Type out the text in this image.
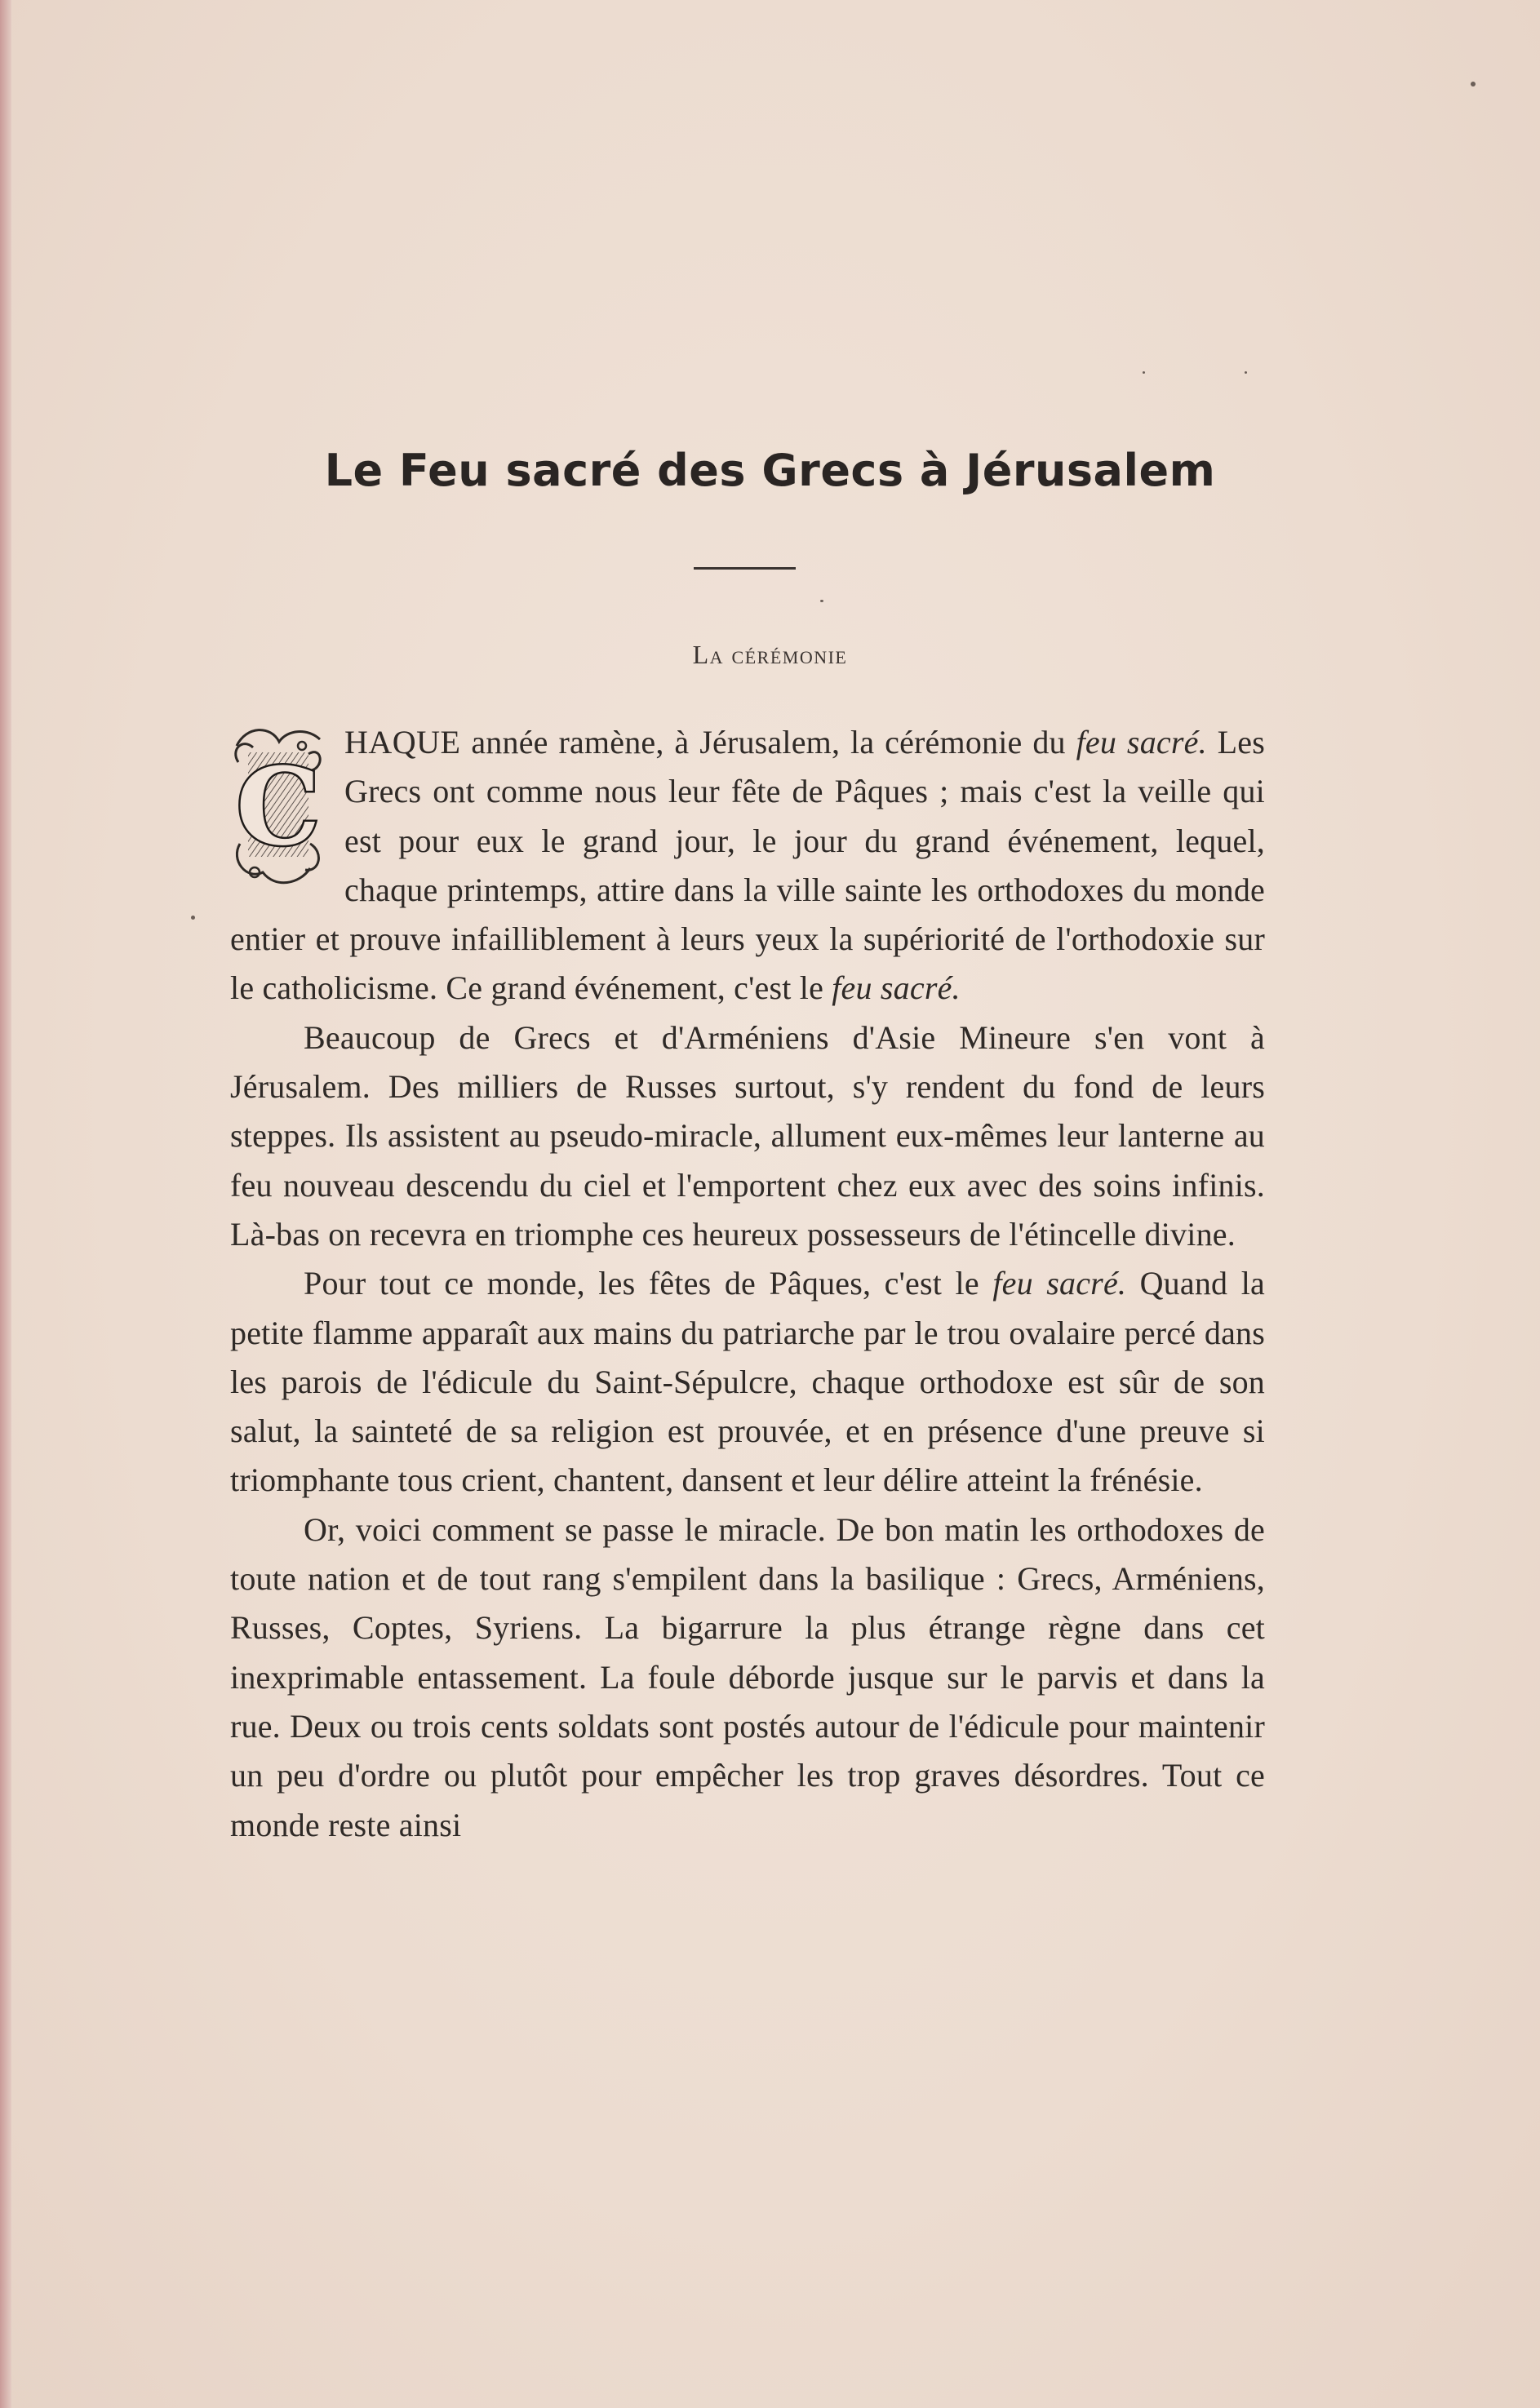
Le Feu sacré des Grecs à Jérusalem
La cérémonie

C
HAQUE année ramène, à Jérusalem, la cérémonie du feu sacré. Les Grecs ont comme nous leur fête de Pâques ; mais c'est la veille qui est pour eux le grand jour, le jour du grand événement, lequel, chaque printemps, attire dans la ville sainte les orthodoxes du monde entier et prouve infailliblement à leurs yeux la supériorité de l'orthodoxie sur le catholicisme. Ce grand événement, c'est le feu sacré.

Beaucoup de Grecs et d'Arméniens d'Asie Mineure s'en vont à Jérusalem. Des milliers de Russes surtout, s'y rendent du fond de leurs steppes. Ils assistent au pseudo-miracle, allument eux-mêmes leur lanterne au feu nouveau descendu du ciel et l'emportent chez eux avec des soins infinis. Là-bas on recevra en triomphe ces heureux possesseurs de l'étincelle divine.

Pour tout ce monde, les fêtes de Pâques, c'est le feu sacré. Quand la petite flamme apparaît aux mains du patriarche par le trou ovalaire percé dans les parois de l'édicule du Saint-Sépulcre, chaque orthodoxe est sûr de son salut, la sainteté de sa religion est prouvée, et en présence d'une preuve si triomphante tous crient, chantent, dansent et leur délire atteint la frénésie.

Or, voici comment se passe le miracle. De bon matin les orthodoxes de toute nation et de tout rang s'empilent dans la basilique : Grecs, Arméniens, Russes, Coptes, Syriens. La bigarrure la plus étrange règne dans cet inexprimable entassement. La foule déborde jusque sur le parvis et dans la rue. Deux ou trois cents soldats sont postés autour de l'édicule pour maintenir un peu d'ordre ou plutôt pour empêcher les trop graves désordres. Tout ce monde reste ainsi
